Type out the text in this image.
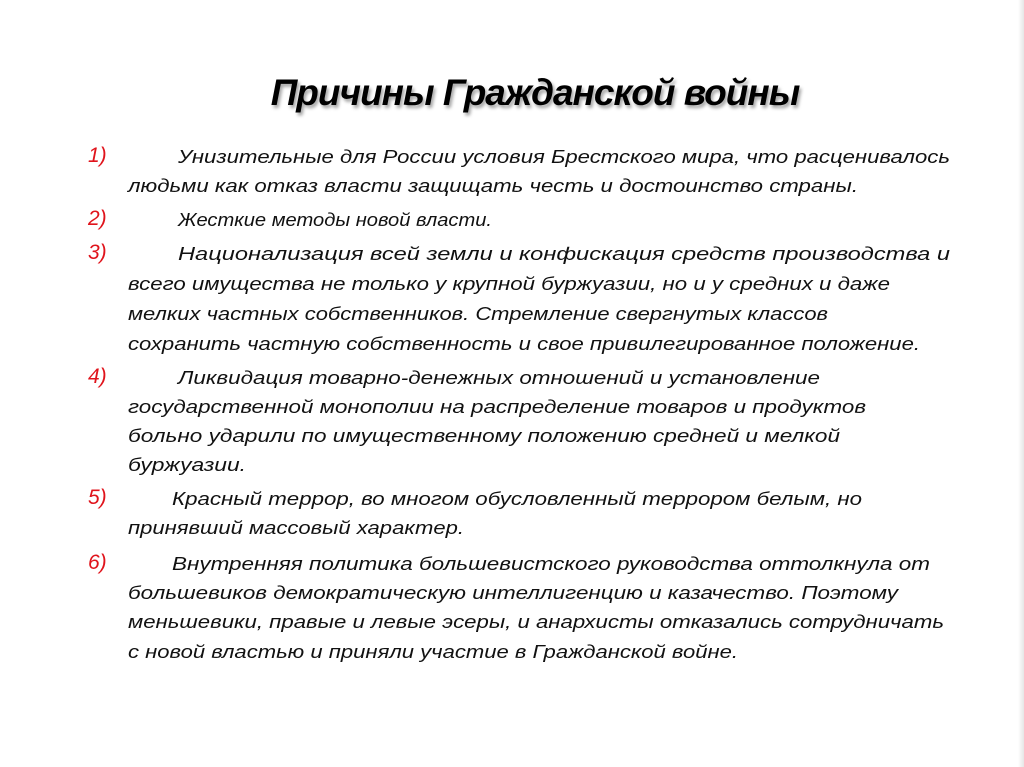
Причины Гражданской войны
1)	Унизительные для России условия Брестского мира, что расценивалось
людьми как отказ власти защищать честь и достоинство страны.
2)	Жесткие методы новой власти.
3)	Национализация всей земли и конфискация средств производства и
всего имущества не только у крупной буржуазии, но и у средних и даже
мелких частных собственников. Стремление свергнутых классов
сохранить частную собственность и свое привилегированное положение.
4)	Ликвидация товарно-денежных отношений и установление
государственной монополии на распределение товаров и продуктов
больно ударили по имущественному положению средней и мелкой
буржуазии.
5)	Красный террор, во многом обусловленный террором белым, но
принявший массовый характер.
6)	Внутренняя политика большевистского руководства оттолкнула от
большевиков демократическую интеллигенцию и казачество. Поэтому
меньшевики, правые и левые эсеры, и анархисты отказались сотрудничать
с новой властью и приняли участие в Гражданской войне.
